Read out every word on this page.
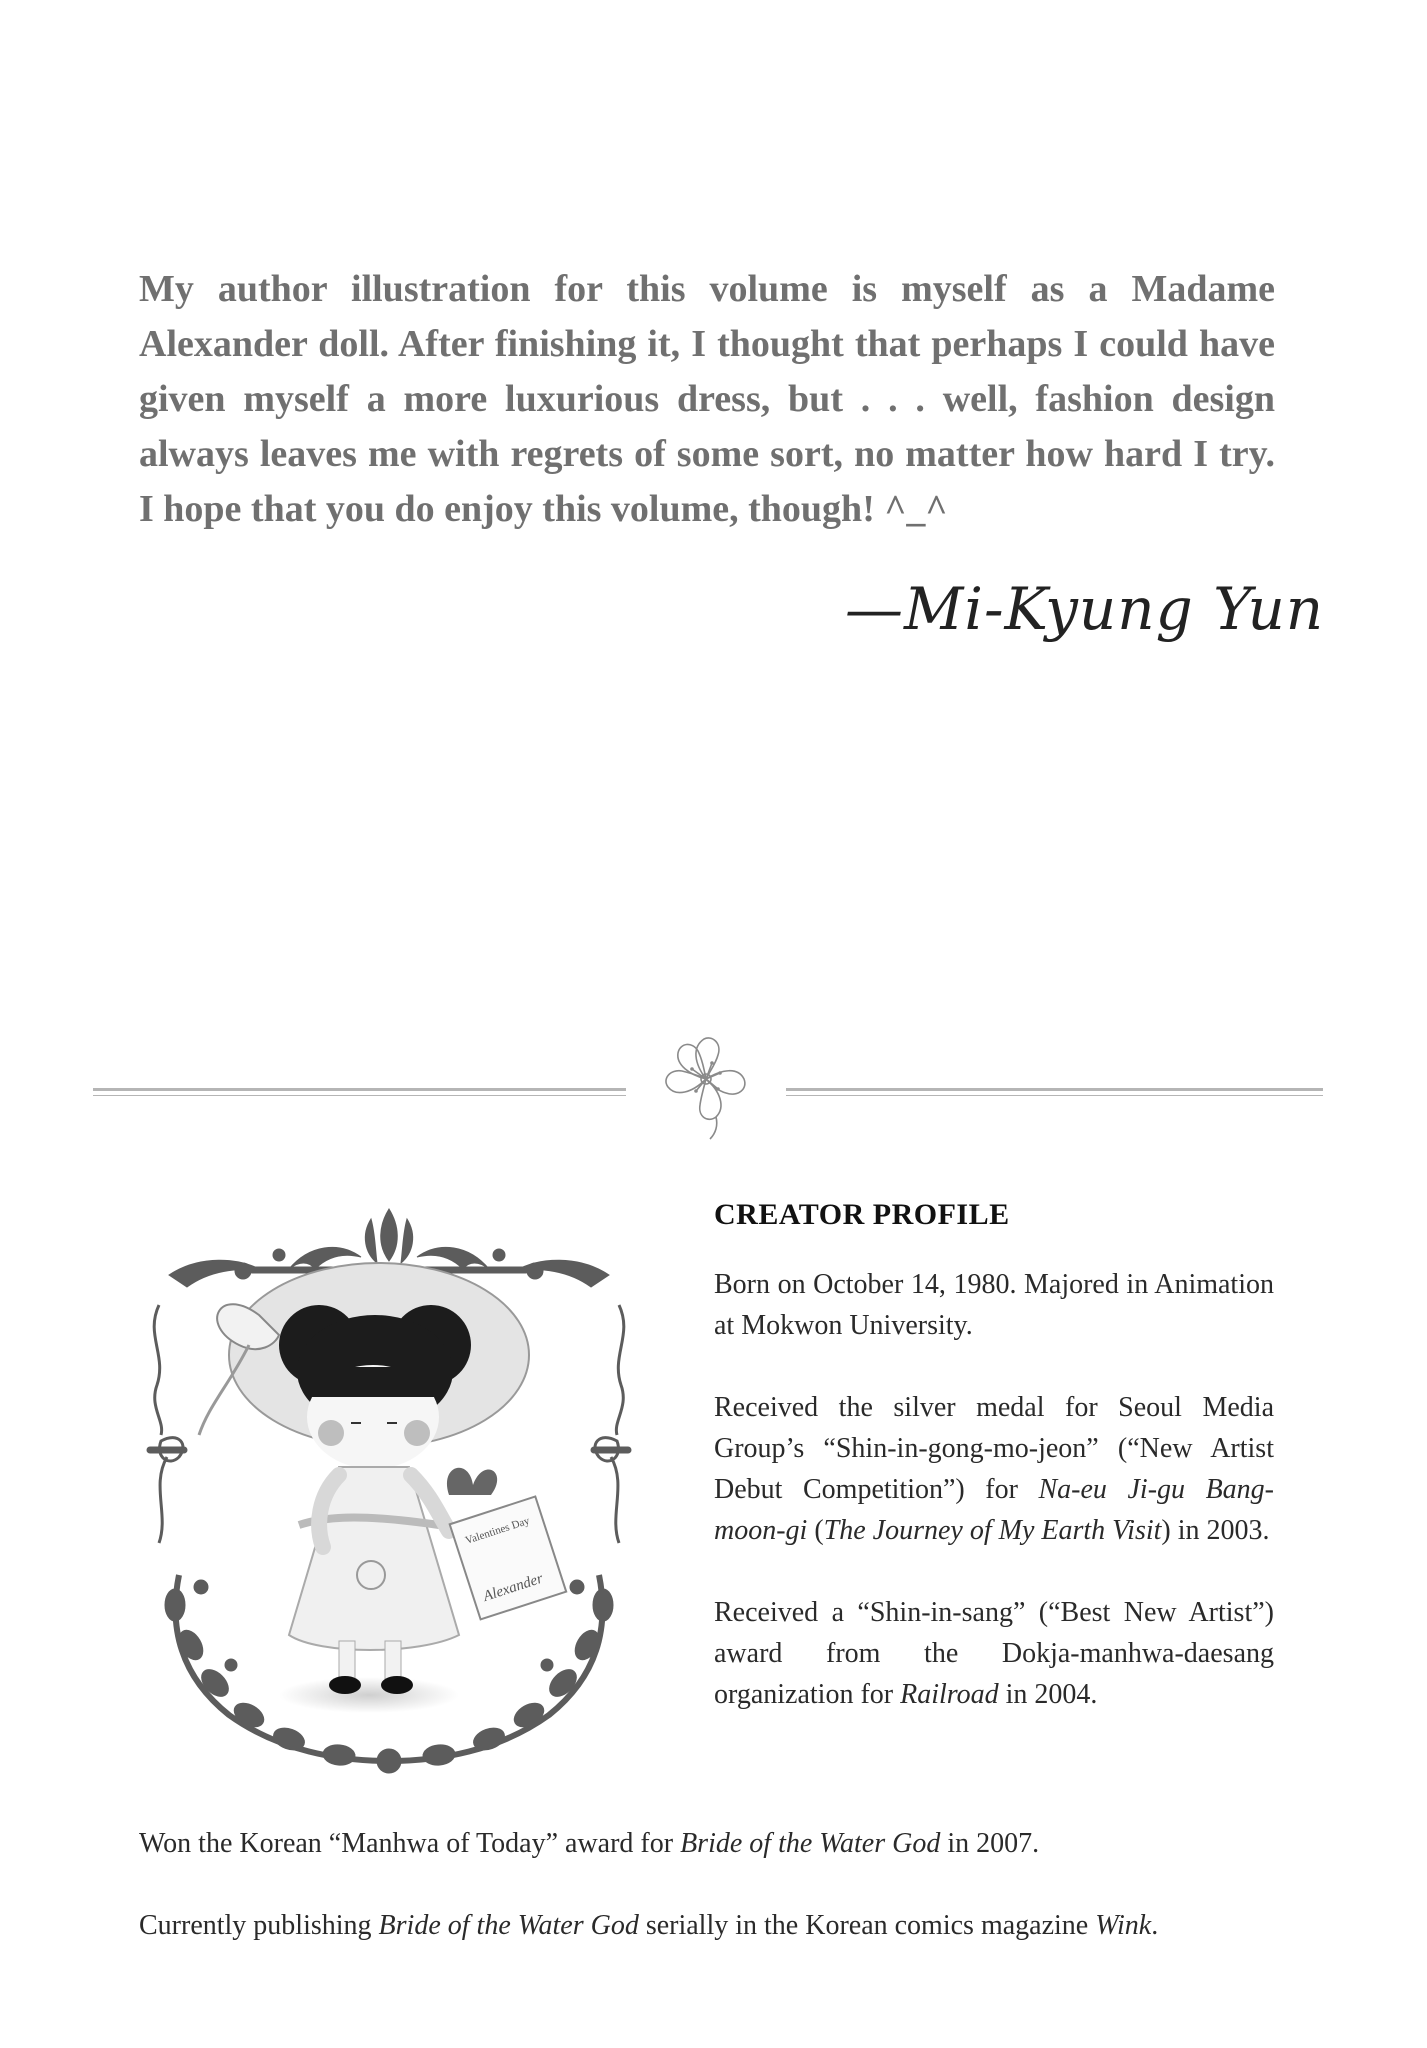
My author illustration for this volume is myself as a Madame Alexander doll. After finishing it, I thought that perhaps I could have given myself a more luxurious dress, but . . . well, fashion design always leaves me with regrets of some sort, no matter how hard I try. I hope that you do enjoy this volume, though! ^_^

—Mi-Kyung Yun
Valentines Day
Alexander
CREATOR PROFILE

Born on October 14, 1980. Majored in Animation at Mokwon University.

Received the silver medal for Seoul Media Group’s “Shin-in-gong-mo-jeon” (“New Artist Debut Competition”) for Na-eu Ji-gu Bang-moon-gi (The Journey of My Earth Visit) in 2003.

Received a “Shin-in-sang” (“Best New Artist”) award from the Dokja-manhwa-daesang organization for Railroad in 2004.

Won the Korean “Manhwa of Today” award for Bride of the Water God in 2007.

Currently publishing Bride of the Water God serially in the Korean comics magazine Wink.
